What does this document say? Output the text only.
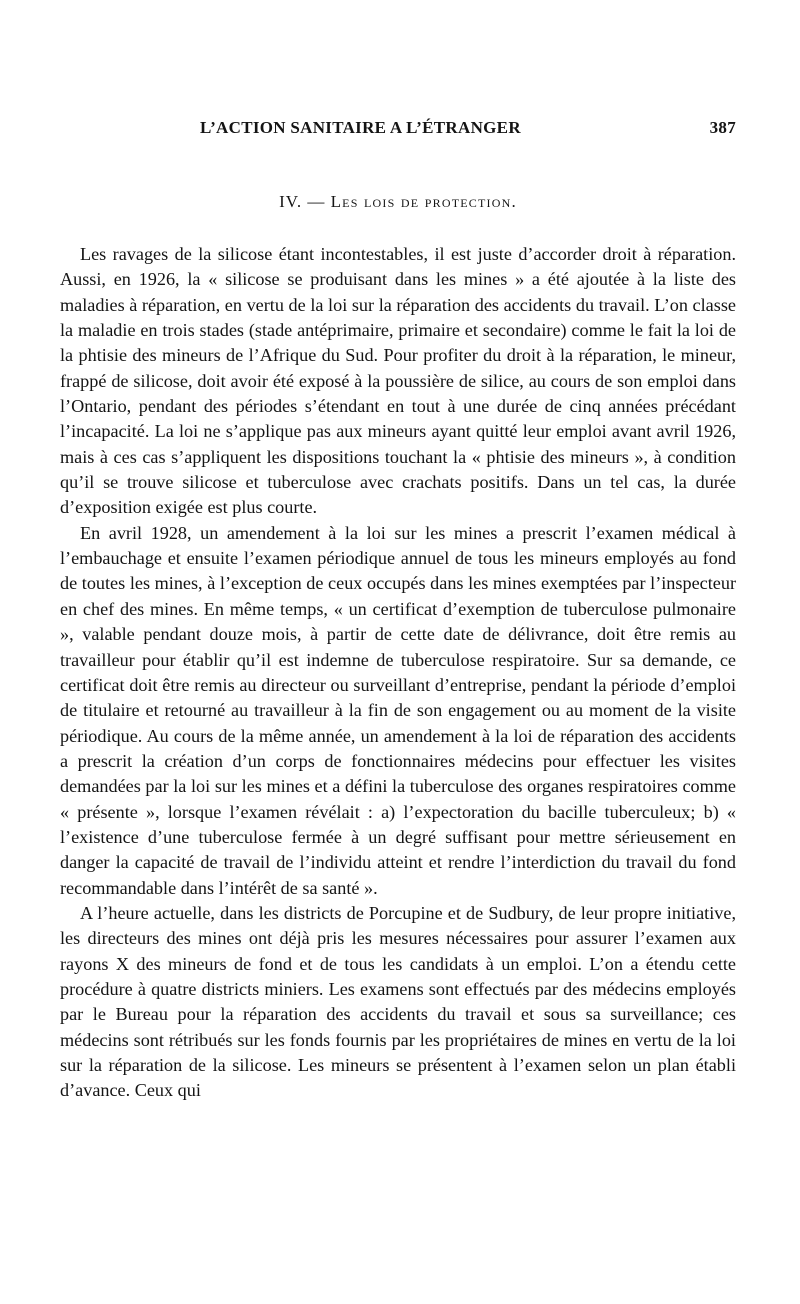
L’ACTION SANITAIRE A L’ÉTRANGER	387
IV. — Les lois de protection.

Les ravages de la silicose étant incontestables, il est juste d’accorder droit à réparation. Aussi, en 1926, la « silicose se produisant dans les mines » a été ajoutée à la liste des maladies à réparation, en vertu de la loi sur la réparation des accidents du travail. L’on classe la maladie en trois stades (stade antéprimaire, primaire et secondaire) comme le fait la loi de la phtisie des mineurs de l’Afrique du Sud. Pour profiter du droit à la réparation, le mineur, frappé de silicose, doit avoir été exposé à la poussière de silice, au cours de son emploi dans l’Ontario, pendant des périodes s’étendant en tout à une durée de cinq années précédant l’incapacité. La loi ne s’applique pas aux mineurs ayant quitté leur emploi avant avril 1926, mais à ces cas s’appliquent les dispositions touchant la « phtisie des mineurs », à condition qu’il se trouve silicose et tuberculose avec crachats positifs. Dans un tel cas, la durée d’exposition exigée est plus courte.

En avril 1928, un amendement à la loi sur les mines a prescrit l’examen médical à l’embauchage et ensuite l’examen périodique annuel de tous les mineurs employés au fond de toutes les mines, à l’exception de ceux occupés dans les mines exemptées par l’inspecteur en chef des mines. En même temps, « un certificat d’exemption de tuberculose pulmonaire », valable pendant douze mois, à partir de cette date de délivrance, doit être remis au travailleur pour établir qu’il est indemne de tuberculose respiratoire. Sur sa demande, ce certificat doit être remis au directeur ou surveillant d’entreprise, pendant la période d’emploi de titulaire et retourné au travailleur à la fin de son engagement ou au moment de la visite périodique. Au cours de la même année, un amendement à la loi de réparation des accidents a prescrit la création d’un corps de fonctionnaires médecins pour effectuer les visites demandées par la loi sur les mines et a défini la tuberculose des organes respiratoires comme « présente », lorsque l’examen révélait : a) l’expectoration du bacille tuberculeux; b) « l’existence d’une tuberculose fermée à un degré suffisant pour mettre sérieusement en danger la capacité de travail de l’individu atteint et rendre l’interdiction du travail du fond recommandable dans l’intérêt de sa santé ».

A l’heure actuelle, dans les districts de Porcupine et de Sudbury, de leur propre initiative, les directeurs des mines ont déjà pris les mesures nécessaires pour assurer l’examen aux rayons X des mineurs de fond et de tous les candidats à un emploi. L’on a étendu cette procédure à quatre districts miniers. Les examens sont effectués par des médecins employés par le Bureau pour la réparation des accidents du travail et sous sa surveillance; ces médecins sont rétribués sur les fonds fournis par les propriétaires de mines en vertu de la loi sur la réparation de la silicose. Les mineurs se présentent à l’examen selon un plan établi d’avance. Ceux qui
